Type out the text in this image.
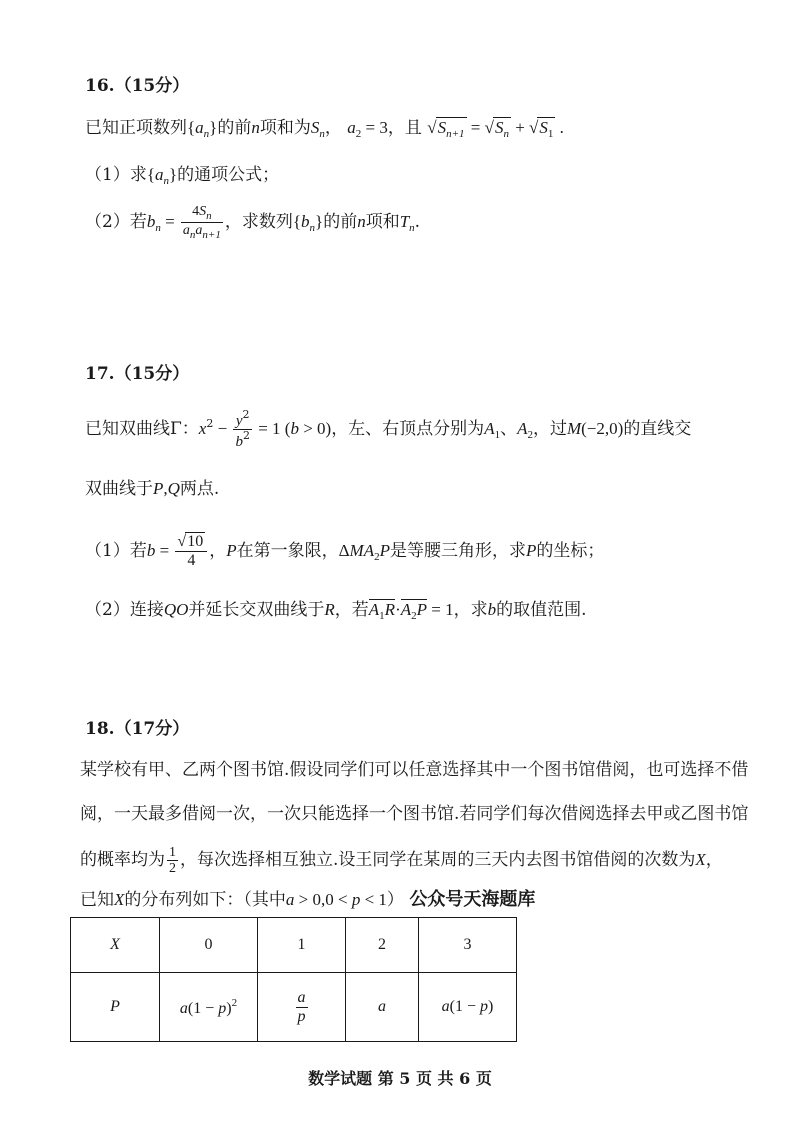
16.（15分）
已知正项数列$\{a_n\}$的前n项和为$S_n$， $a_2 = 3$，且 $√S_{n+1} = √S_n + √S_1$ .
（1）求$\{a_n\}$的通项公式；
（2）若$b_n = \frac{4S_n}{a_na_{n+1}}$ ，求数列$\{b_n\}$的前n项和$T_n$.
17.（15分）
已知双曲线Γ：$x^2 - \frac{y^2}{b^2} = 1$ (b > 0)，左、右顶点分别为$A_1$、$A_2$，过M(−2,0)的直线交
双曲线于P,Q两点.
（1）若$b = \frac{√10}{4}$ ，P在第一象限，$\Delta MA_2P$是等腰三角形，求P的坐标；
（2）连接QO并延长交双曲线于R，若$A_1R\cdot A_2P = 1$，求b的取值范围.
18.（17分）
某学校有甲、乙两个图书馆.假设同学们可以任意选择其中一个图书馆借阅，也可选择不借
阅，一天最多借阅一次，一次只能选择一个图书馆.若同学们每次借阅选择去甲或乙图书馆
的概率均为 $\frac{1}{2}$ ，每次选择相互独立.设王同学在某周的三天内去图书馆借阅的次数为X，
已知X的分布列如下：（其中a > 0,0 < p < 1） 公众号天海题库
X	0	1	2	3
P	$a(1 - p)^2$	$\frac{a}{p}$	a	a(1 − p)
数学试题 第 5 页 共 6 页
